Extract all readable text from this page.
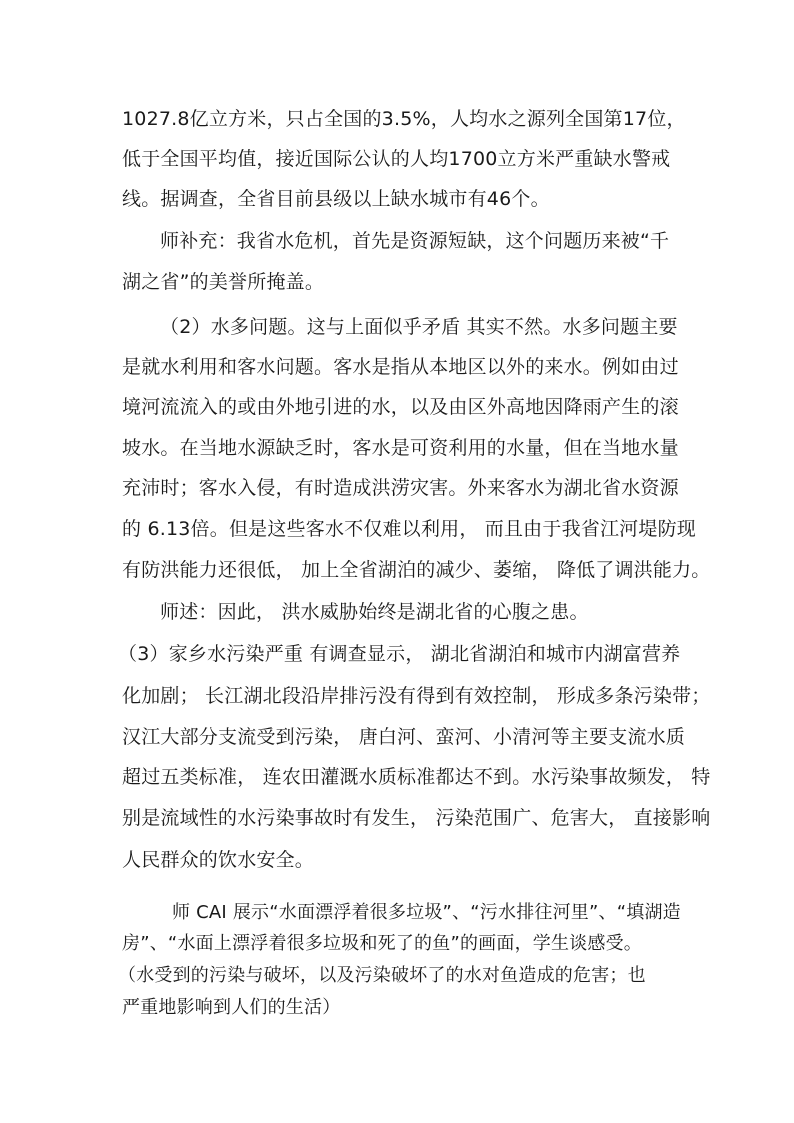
1027.8亿立方米，只占全国的3.5%，人均水之源列全国第17位，
低于全国平均值，接近国际公认的人均1700立方米严重缺水警戒
线。据调查，全省目前县级以上缺水城市有46个。
师补充：我省水危机，首先是资源短缺，这个问题历来被“千
湖之省”的美誉所掩盖。
（2）水多问题。这与上面似乎矛盾 其实不然。水多问题主要
是就水利用和客水问题。客水是指从本地区以外的来水。例如由过
境河流流入的或由外地引进的水，以及由区外高地因降雨产生的滚
坡水。在当地水源缺乏时，客水是可资利用的水量，但在当地水量
充沛时；客水入侵，有时造成洪涝灾害。外来客水为湖北省水资源
的 6.13倍。但是这些客水不仅难以利用， 而且由于我省江河堤防现
有防洪能力还很低， 加上全省湖泊的减少、萎缩， 降低了调洪能力。
师述：因此， 洪水威胁始终是湖北省的心腹之患。
（3）家乡水污染严重 有调查显示， 湖北省湖泊和城市内湖富营养
化加剧； 长江湖北段沿岸排污没有得到有效控制， 形成多条污染带；
汉江大部分支流受到污染， 唐白河、蛮河、小清河等主要支流水质
超过五类标准， 连农田灌溉水质标准都达不到。水污染事故频发， 特
别是流域性的水污染事故时有发生， 污染范围广、危害大， 直接影响
人民群众的饮水安全。
师 CAI 展示“水面漂浮着很多垃圾”、“污水排往河里”、“填湖造
房”、“水面上漂浮着很多垃圾和死了的鱼”的画面，学生谈感受。
（水受到的污染与破坏，以及污染破坏了的水对鱼造成的危害；也
严重地影响到人们的生活）
